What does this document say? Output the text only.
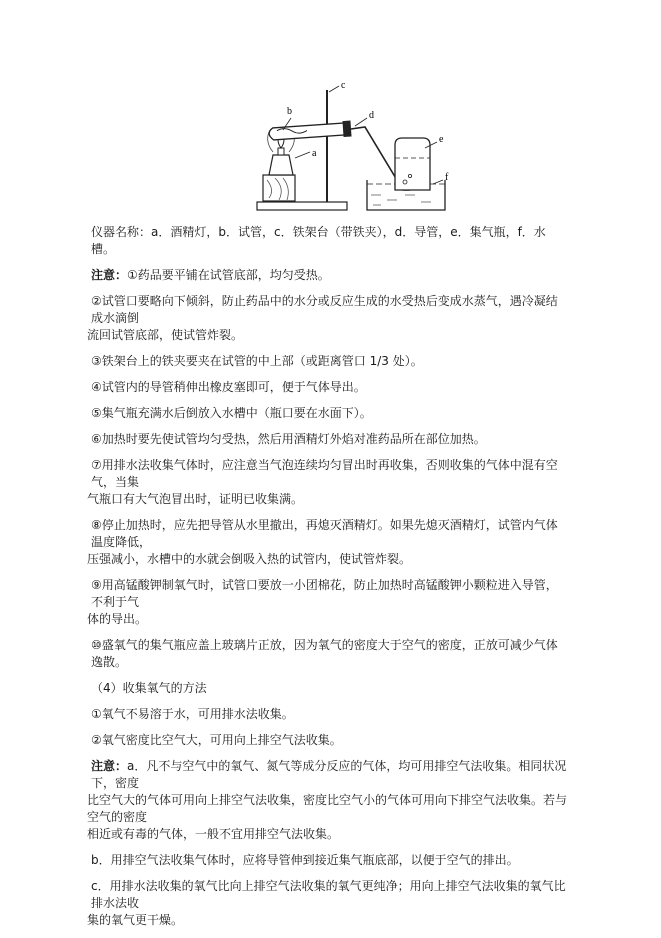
b
a
c
d
e
f

仪器名称：a．酒精灯，b．试管，c．铁架台（带铁夹），d．导管，e．集气瓶，f．水槽。

注意：①药品要平铺在试管底部，均匀受热。

②试管口要略向下倾斜，防止药品中的水分或反应生成的水受热后变成水蒸气，遇冷凝结成水滴倒
流回试管底部，使试管炸裂。

③铁架台上的铁夹要夹在试管的中上部（或距离管口 1/3 处）。

④试管内的导管稍伸出橡皮塞即可，便于气体导出。

⑤集气瓶充满水后倒放入水槽中（瓶口要在水面下）。

⑥加热时要先使试管均匀受热，然后用酒精灯外焰对准药品所在部位加热。

⑦用排水法收集气体时，应注意当气泡连续均匀冒出时再收集，否则收集的气体中混有空气，当集
气瓶口有大气泡冒出时，证明已收集满。

⑧停止加热时，应先把导管从水里撤出，再熄灭酒精灯。如果先熄灭酒精灯，试管内气体温度降低，
压强减小，水槽中的水就会倒吸入热的试管内，使试管炸裂。

⑨用高锰酸钾制氧气时，试管口要放一小团棉花，防止加热时高锰酸钾小颗粒进入导管，不利于气
体的导出。

⑩盛氧气的集气瓶应盖上玻璃片正放，因为氧气的密度大于空气的密度，正放可减少气体逸散。

（4）收集氧气的方法

①氧气不易溶于水，可用排水法收集。

②氧气密度比空气大，可用向上排空气法收集。

注意：a．凡不与空气中的氧气、氮气等成分反应的气体，均可用排空气法收集。相同状况下，密度
比空气大的气体可用向上排空气法收集，密度比空气小的气体可用向下排空气法收集。若与空气的密度
相近或有毒的气体，一般不宜用排空气法收集。

b．用排空气法收集气体时，应将导管伸到接近集气瓶底部，以便于空气的排出。

c．用排水法收集的氧气比向上排空气法收集的氧气更纯净；用向上排空气法收集的氧气比排水法收
集的氧气更干燥。
